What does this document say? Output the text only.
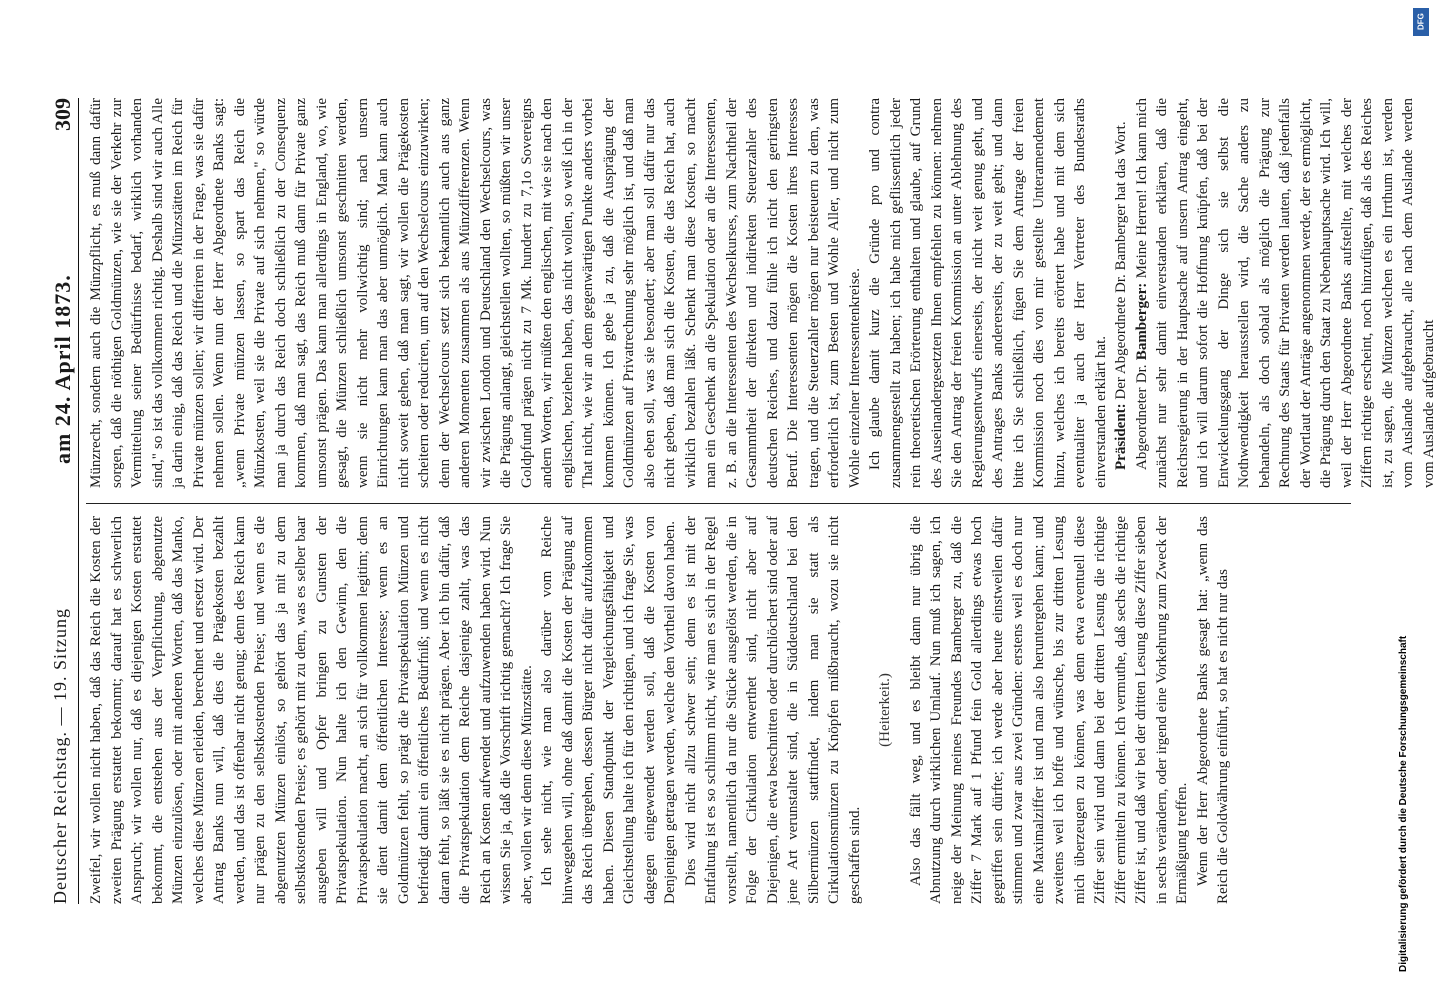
Deutscher Reichstag. — 19. Sitzung
am 24. April 1873.
309

Zweifel, wir wollen nicht haben, daß das Reich die Kosten der zweiten Prägung erstattet bekommt; darauf hat es schwerlich Anspruch; wir wollen nur, daß es diejenigen Kosten erstattet bekommt, die entstehen aus der Verpflichtung, abgenutzte Münzen einzulösen, oder mit anderen Worten, daß das Manko, welches diese Münzen erleiden, berechnet und ersetzt wird. Der Antrag Banks nun will, daß dies die Prägekosten bezahlt werden, und das ist offenbar nicht genug; denn des Reich kann nur prägen zu den selbstkostenden Preise; und wenn es die abgenutzten Münzen einlöst, so gehört das ja mit zu dem selbstkostenden Preise; es gehört mit zu dem, was es selber baar ausgeben will und Opfer bringen zu Gunsten der Privatspekulation. Nun halte ich den Gewinn, den die Privatspekulation macht, an sich für vollkommen legitim; denn sie dient damit dem öffentlichen Interesse; wenn es an Goldmünzen fehlt, so prägt die Privatspekulation Münzen und befriedigt damit ein öffentliches Bedürfniß; und wenn es nicht daran fehlt, so läßt sie es nicht prägen. Aber ich bin dafür, daß die Privatspekulation dem Reiche dasjenige zahlt, was das Reich an Kosten aufwendet und aufzuwenden haben wird. Nun wissen Sie ja, daß die Vorschrift richtig gemacht? Ich frage Sie aber, wollen wir denn diese Münzstätte. Ich sehe nicht, wie man also darüber vom Reiche hinweggehen will, ohne daß damit die Kosten der Prägung auf das Reich übergehen, dessen Bürger nicht dafür aufzukommen haben. Diesen Standpunkt der Vergleichungsfähigkeit und Gleichstellung halte ich für den richtigen, und ich frage Sie, was dagegen eingewendet werden soll, daß die Kosten von Denjenigen getragen werden, welche den Vortheil davon haben. Dies wird nicht allzu schwer sein; denn es ist mit der Entfaltung ist es so schlimm nicht, wie man es sich in der Regel vorstellt, namentlich da nur die Stücke ausgelöst werden, die in Folge der Cirkulation entwerthet sind, nicht aber auf Diejenigen, die etwa beschnitten oder durchlöchert sind oder auf jene Art verunstaltet sind, die in Süddeutschland bei den Silbermünzen stattfindet, indem man sie statt als Cirkulationsmünzen zu Knöpfen mißbraucht, wozu sie nicht geschaffen sind.

(Heiterkeit.) Also das fällt weg, und es bleibt dann nur übrig die Abnutzung durch wirklichen Umlauf. Nun muß ich sagen, ich neige der Meinung meines Freundes Bamberger zu, daß die Ziffer 7 Mark auf 1 Pfund fein Gold allerdings etwas hoch gegriffen sein dürfte; ich werde aber heute einstweilen dafür stimmen und zwar aus zwei Gründen: erstens weil es doch nur eine Maximalziffer ist und man also heruntergehen kann; und zweitens weil ich hoffe und wünsche, bis zur dritten Lesung mich überzeugen zu können, was denn etwa eventuell diese Ziffer sein wird und dann bei der dritten Lesung die richtige Ziffer ermitteln zu können. Ich vermuthe, daß sechs die richtige Ziffer ist, und daß wir bei der dritten Lesung diese Ziffer sieben in sechs verändern, oder irgend eine Vorkehrung zum Zweck der Ermäßigung treffen. Wenn der Herr Abgeordnete Banks gesagt hat: „wenn das Reich die Goldwährung einführt, so hat es nicht nur das

Münzrecht, sondern auch die Münzpflicht, es muß dann dafür sorgen, daß die nöthigen Goldmünzen, wie sie der Verkehr zur Vermittelung seiner Bedürfnisse bedarf, wirklich vorhanden sind," so ist das vollkommen richtig. Deshalb sind wir auch Alle ja darin einig, daß das Reich und die Münzstätten im Reich für Private münzen sollen; wir differiren in der Frage, was sie dafür nehmen sollen. Wenn nun der Herr Abgeordnete Banks sagt: „wenn Private münzen lassen, so spart das Reich die Münzkosten, weil sie die Private auf sich nehmen," so würde man ja durch das Reich doch schließlich zu der Consequenz kommen, daß man sagt, das Reich muß dann für Private ganz umsonst prägen. Das kann man allerdings in England, wo, wie gesagt, die Münzen schließlich umsonst geschnitten werden, wenn sie nicht mehr vollwichtig sind; nach unsern Einrichtungen kann man das aber unmöglich. Man kann auch nicht soweit gehen, daß man sagt, wir wollen die Prägekosten scheitern oder reduciren, um auf den Wechselcours einzuwirken; denn der Wechselcours setzt sich bekanntlich auch aus ganz anderen Momenten zusammen als aus Münzdifferenzen. Wenn wir zwischen London und Deutschland den Wechselcours, was die Prägung anlangt, gleichstellen wollten, so müßten wir unser Goldpfund prägen nicht zu 7 Mk. hundert zu 7,1o Sovereigns andern Worten, wir müßten den englischen, mit wie sie nach den englischen, beziehen haben, das nicht wollen, so weiß ich in der That nicht, wie wir an dem gegenwärtigen Punkte anders vorbei kommen können. Ich gebe ja zu, daß die Ausprägung der Goldmünzen auf Privatrechnung sehr möglich ist, und daß man also eben soll, was sie besondert; aber man soll dafür nur das nicht geben, daß man sich die Kosten, die das Reich hat, auch wirklich bezahlen läßt. Schenkt man diese Kosten, so macht man ein Geschenk an die Spekulation oder an die Interessenten, z. B. an die Interessenten des Wechselkurses, zum Nachtheil der Gesammtheit der direkten und indirekten Steuerzahler des deutschen Reiches, und dazu fühle ich nicht den geringsten Beruf. Die Interessenten mögen die Kosten ihres Interesses tragen, und die Steuerzahler mögen nur beisteuern zu dem, was erforderlich ist, zum Besten und Wohle Aller, und nicht zum Wohle einzelner Interessentenkreise. Ich glaube damit kurz die Gründe pro und contra zusammengestellt zu haben; ich habe mich geflissentlich jeder rein theoretischen Erörterung enthalten und glaube, auf Grund des Auseinandergesetzten Ihnen empfehlen zu können: nehmen Sie den Antrag der freien Kommission an unter Ablehnung des Regierungsentwurfs einerseits, der nicht weit genug geht, und des Antrages Banks andererseits, der zu weit geht; und dann bitte ich Sie schließlich, fügen Sie dem Antrage der freien Kommission noch dies von mir gestellte Unteramendement hinzu, welches ich bereits erörtert habe und mit dem sich eventualiter ja auch der Herr Vertreter des Bundesraths einverstanden erklärt hat. Präsident: Der Abgeordnete Dr. Bamberger hat das Wort.

Abgeordneter Dr. Bamberger: Meine Herren! Ich kann mich zunächst nur sehr damit einverstanden erklären, daß die Reichsregierung in der Hauptsache auf unsern Antrag eingeht, und ich will darum sofort die Hoffnung knüpfen, daß bei der Entwickelungsgang der Dinge sich sie selbst die Nothwendigkeit herausstellen wird, die Sache anders zu behandeln, als doch sobald als möglich die Prägung zur Rechnung des Staats für Privaten werden lauten, daß jedenfalls der Wortlaut der Anträge angenommen werde, der es ermöglicht, die Prägung durch den Staat zu Nebenhauptsache wird. Ich will, weil der Herr Abgeordnete Banks aufstellte, mit welches der Ziffern richtige erscheint, noch hinzufügen, daß als des Reiches ist, zu sagen, die Münzen welchen es ein Irrthum ist, werden vom Auslande aufgebraucht, alle nach dem Auslande werden vom Auslande aufgebraucht

Digitalisierung gefördert durch die Deutsche Forschungsgemeinschaft
DFG
